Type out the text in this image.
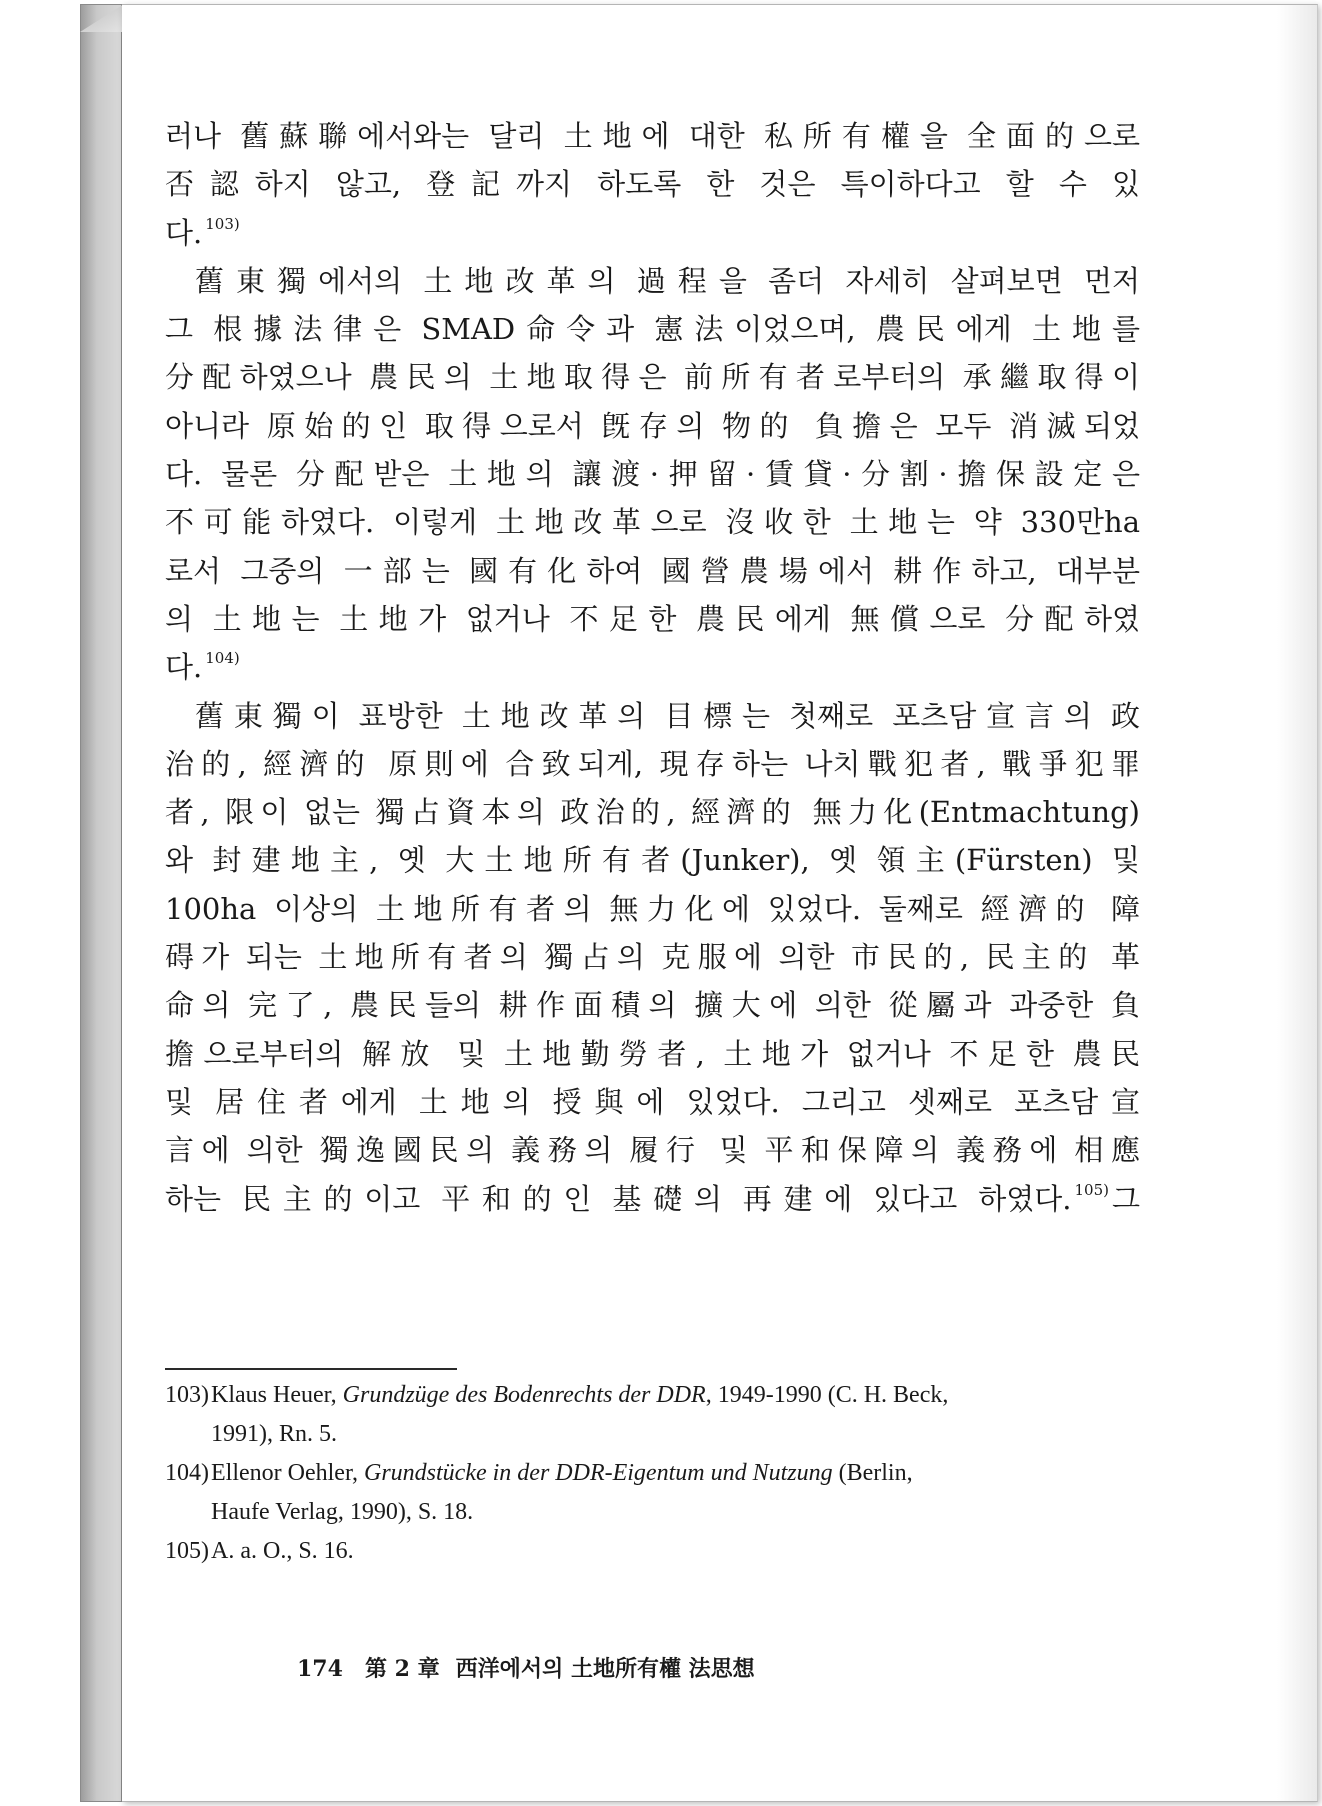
러나 舊蘇聯에서와는 달리 土地에 대한 私所有權을 全面的으로
否認하지 않고, 登記까지 하도록 한 것은 특이하다고 할 수 있
다. $^{103)}$
舊東獨에서의 土地改革의 過程을 좀더 자세히 살펴보면 먼저
그 根據法律은 SMAD命令과 憲法이었으며, 農民에게 土地를
分配하였으나 農民의 土地取得은 前所有者로부터의 承繼取得이
아니라 原始的인 取得으로서 旣存의 物的 負擔은 모두 消滅되었
다. 물론 分配받은 土地의 讓渡·押留·賃貸·分割·擔保設定은
不可能하였다. 이렇게 土地改革으로 沒收한 土地는 약 330만ha
로서 그중의 一部는 國有化하여 國營農場에서 耕作하고, 대부분
의 土地는 土地가 없거나 不足한 農民에게 無償으로 分配하였
다. $^{104)}$
舊東獨이 표방한 土地改革의 目標는 첫째로 포츠담宣言의 政
治的, 經濟的 原則에 合致되게, 現存하는 나치戰犯者, 戰爭犯罪
者, 限이 없는 獨占資本의 政治的, 經濟的 無力化(Entmachtung)
와 封建地主, 옛 大土地所有者(Junker), 옛 領主(Fürsten) 및
100ha 이상의 土地所有者의 無力化에 있었다. 둘째로 經濟的 障
碍가 되는 土地所有者의 獨占의 克服에 의한 市民的, 民主的 革
命의 完了, 農民들의 耕作面積의 擴大에 의한 從屬과 과중한 負
擔으로부터의 解放 및 土地勤勞者, 土地가 없거나 不足한 農民
및 居住者에게 土地의 授與에 있었다. 그리고 셋째로 포츠담宣
言에 의한 獨逸國民의 義務의 履行 및 平和保障의 義務에 相應
하는 民主的이고 平和的인 基礎의 再建에 있다고 하였다. $^{105)}$ 그
103)Klaus Heuer, Grundzüge des Bodenrechts der DDR, 1949-1990 (C. H. Beck,
1991), Rn. 5.
104)Ellenor Oehler, Grundstücke in der DDR-Eigentum und Nutzung (Berlin,
Haufe Verlag, 1990), S. 18.
105)A. a. O., S. 16.
174 第 2 章 西洋에서의 土地所有權 法思想
